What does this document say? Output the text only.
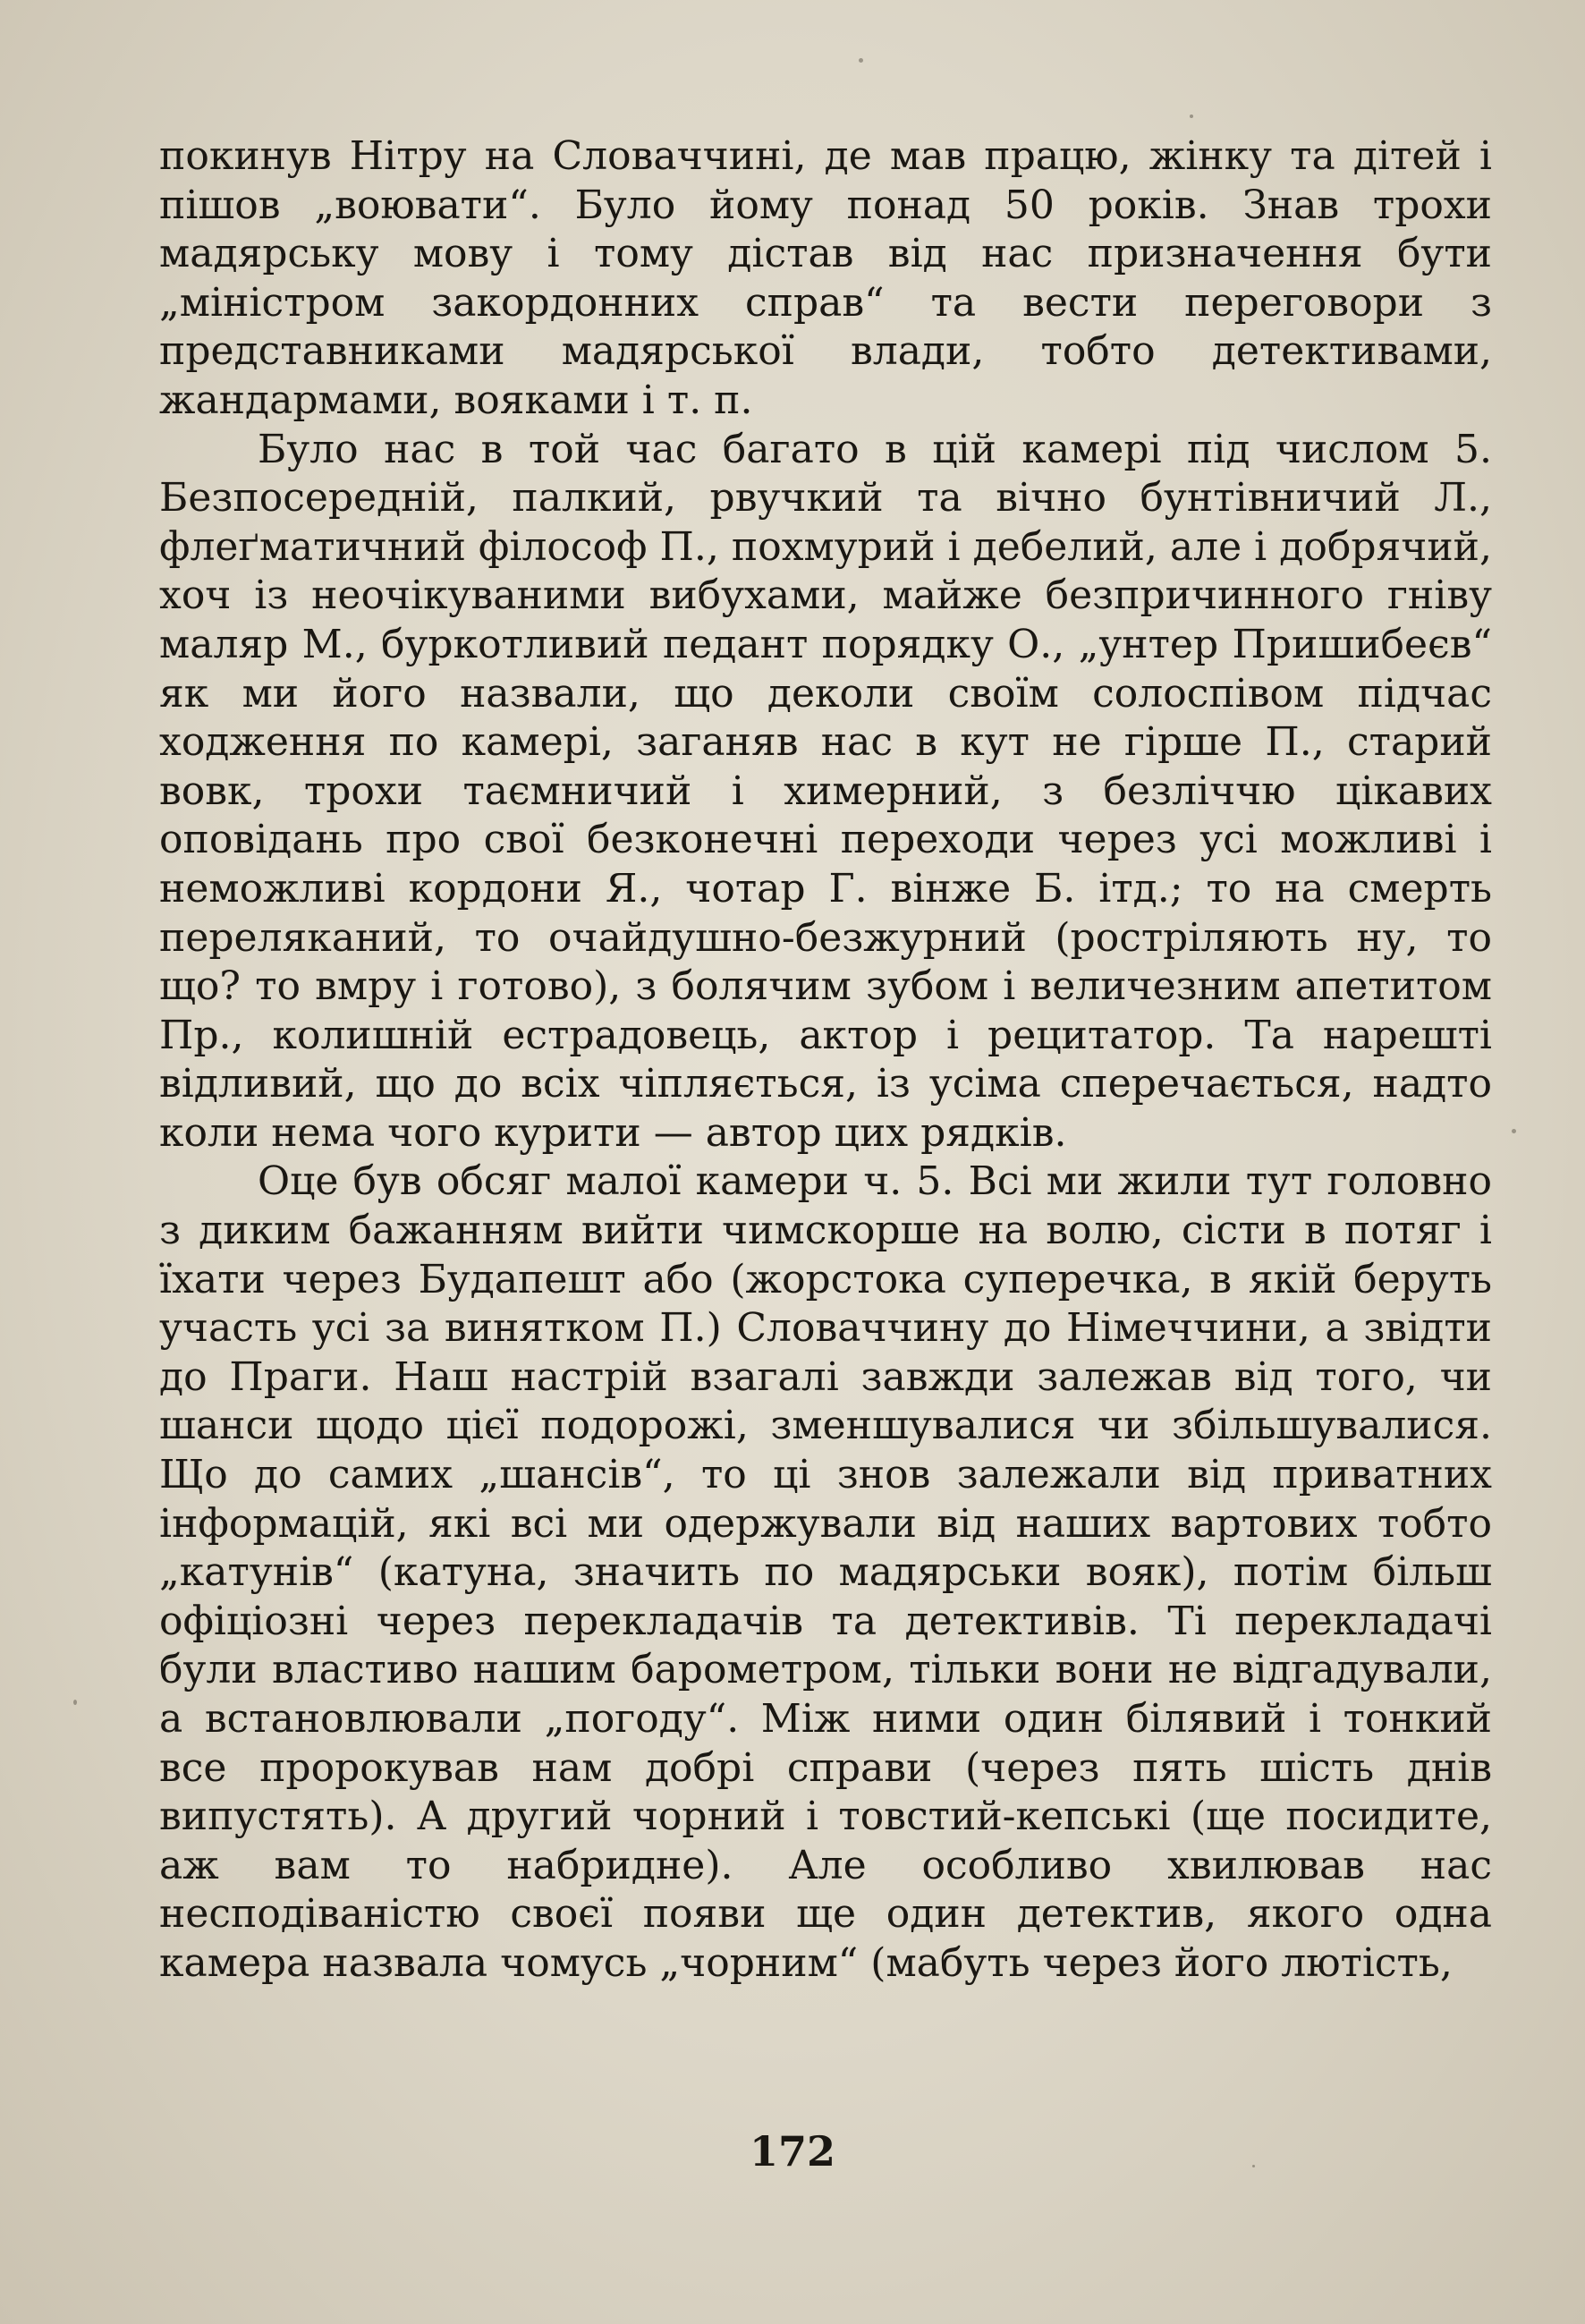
покинув Нітру на Словаччині, де мав працю, жінку та дітей і пішов „воювати“. Було йому понад 50 років. Знав трохи мадярську мову і тому дістав від нас призначення бути „міністром закордонних справ“ та вести переговори з представниками мадярської влади, тобто детективами, жандармами, вояками і т. п.

Було нас в той час багато в цій камері під числом 5. Безпосередній, палкий, рвучкий та вічно бунтівничий Л., флеґматичний філософ П., похмурий і дебелий, але і добрячий, хоч із неочікуваними вибухами, майже безпричинного гніву маляр М., буркотливий педант порядку О., „унтер Пришибеєв“ як ми його назвали, що деколи своїм солоспівом підчас ходження по камері, заганяв нас в кут не гірше П., старий вовк, трохи таємничий і химерний, з безліччю цікавих оповідань про свої безконечні переходи через усі можливі і неможливі кордони Я., чотар Г. вінже Б. ітд.; то на смерть переляканий, то очайдушно-безжурний (ростріляють ну, то що? то вмру і готово), з болячим зубом і величезним апетитом Пр., колишній естрадовець, актор і рецитатор. Та нарешті відливий, що до всіх чіпляється, із усіма сперечається, надто коли нема чого курити — автор цих рядків.

Оце був обсяг малої камери ч. 5. Всі ми жили тут головно з диким бажанням вийти чимскорше на волю, сісти в потяг і їхати через Будапешт або (жорстока суперечка, в якій беруть участь усі за винятком П.) Словаччину до Німеччини, а звідти до Праги. Наш настрій взагалі завжди залежав від того, чи шанси щодо цієї подорожі, зменшувалися чи збільшувалися. Що до самих „шансів“, то ці знов залежали від приватних інформацій, які всі ми одержували від наших вартових тобто „катунів“ (катуна, значить по мадярськи вояк), потім більш офіціозні через перекладачів та детективів. Ті перекладачі були властиво нашим барометром, тільки вони не відгадували, а встановлювали „погоду“. Між ними один білявий і тонкий все пророкував нам добрі справи (через пять шість днів випустять). А другий чорний і товстий-кепські (ще посидите, аж вам то набридне). Але особливо хвилював нас несподіваністю своєї появи ще один детектив, якого одна камера назвала чомусь „чорним“ (мабуть через його лютість,

172
